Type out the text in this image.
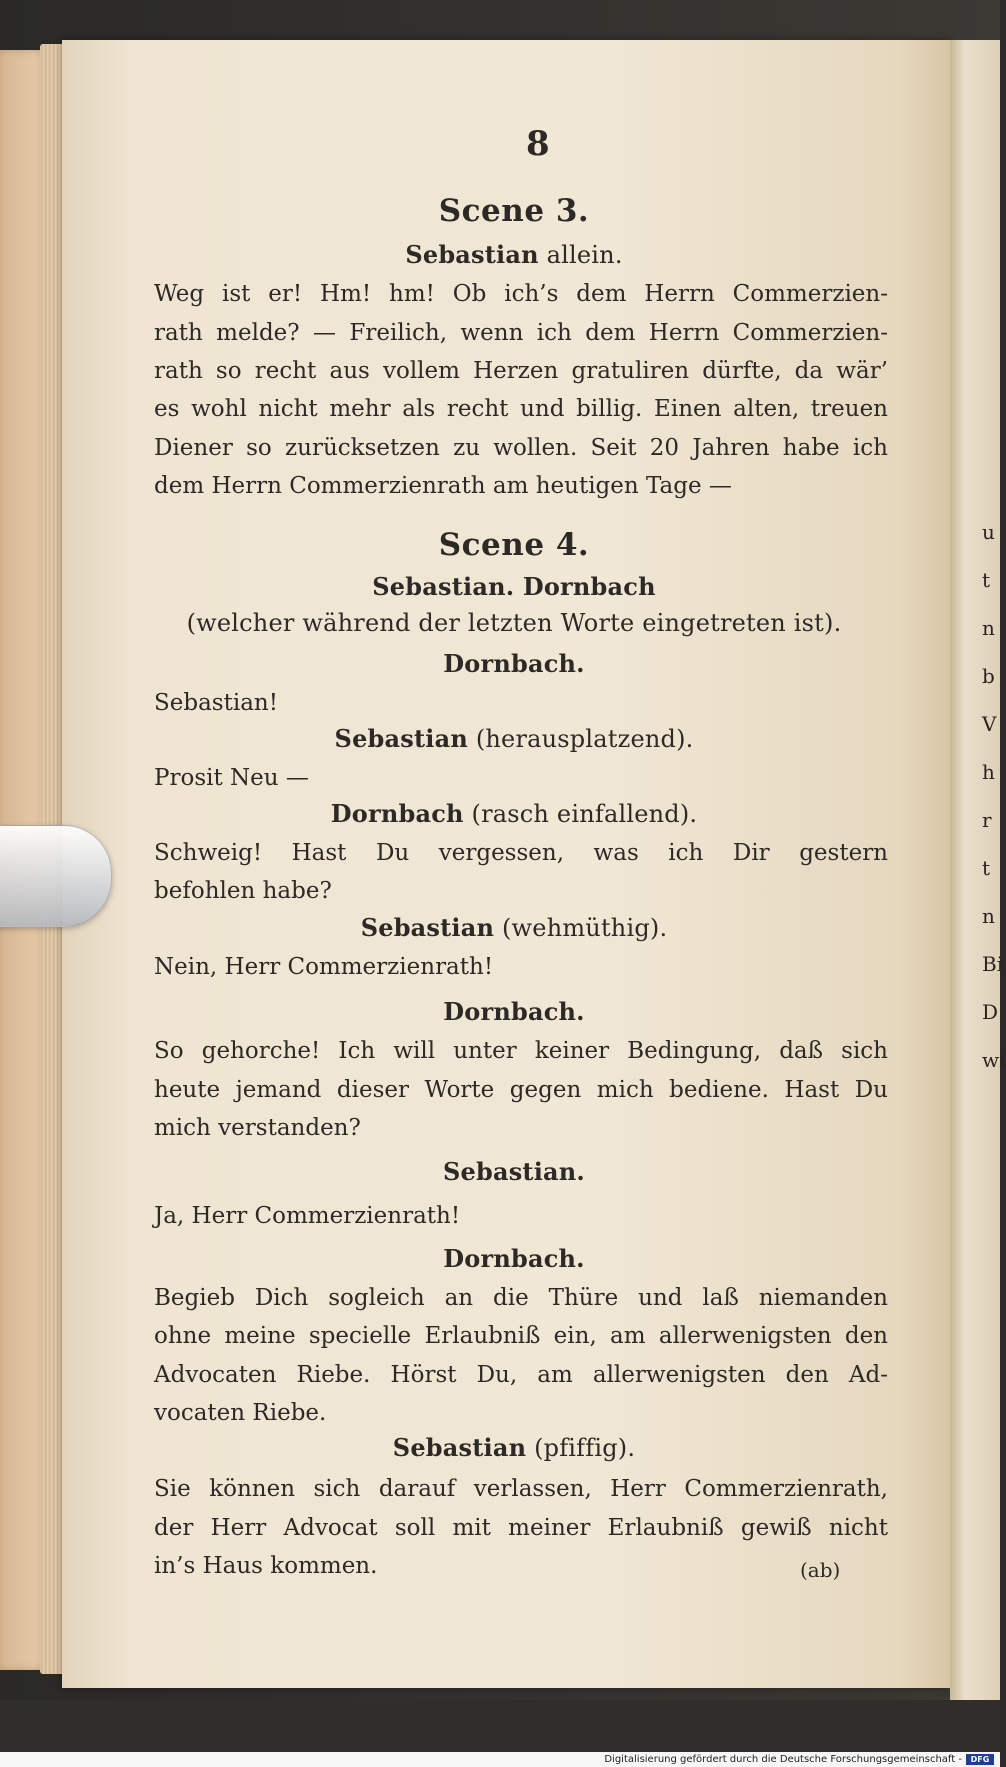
u
t
n
b
V
h
r
t
n
Bi
D
wi
8
Scene 3.
Sebastian allein.
Weg ist er! Hm! hm! Ob ich’s dem Herrn Commerzien-
rath melde? — Freilich, wenn ich dem Herrn Commerzien-
rath so recht aus vollem Herzen gratuliren dürfte, da wär’
es wohl nicht mehr als recht und billig. Einen alten, treuen
Diener so zurücksetzen zu wollen. Seit 20 Jahren habe ich
dem Herrn Commerzienrath am heutigen Tage —
Scene 4.
Sebastian. Dornbach
(welcher während der letzten Worte eingetreten ist).
Dornbach.
Sebastian!
Sebastian (herausplatzend).
Prosit Neu —
Dornbach (rasch einfallend).
Schweig! Hast Du vergessen, was ich Dir gestern
befohlen habe?
Sebastian (wehmüthig).
Nein, Herr Commerzienrath!
Dornbach.
So gehorche! Ich will unter keiner Bedingung, daß sich
heute jemand dieser Worte gegen mich bediene. Hast Du
mich verstanden?
Sebastian.
Ja, Herr Commerzienrath!
Dornbach.
Begieb Dich sogleich an die Thüre und laß niemanden
ohne meine specielle Erlaubniß ein, am allerwenigsten den
Advocaten Riebe. Hörst Du, am allerwenigsten den Ad-
vocaten Riebe.
Sebastian (pfiffig).
Sie können sich darauf verlassen, Herr Commerzienrath,
der Herr Advocat soll mit meiner Erlaubniß gewiß nicht
in’s Haus kommen.	(ab)
Digitalisierung gefördert durch die Deutsche Forschungsgemeinschaft -	DFG
